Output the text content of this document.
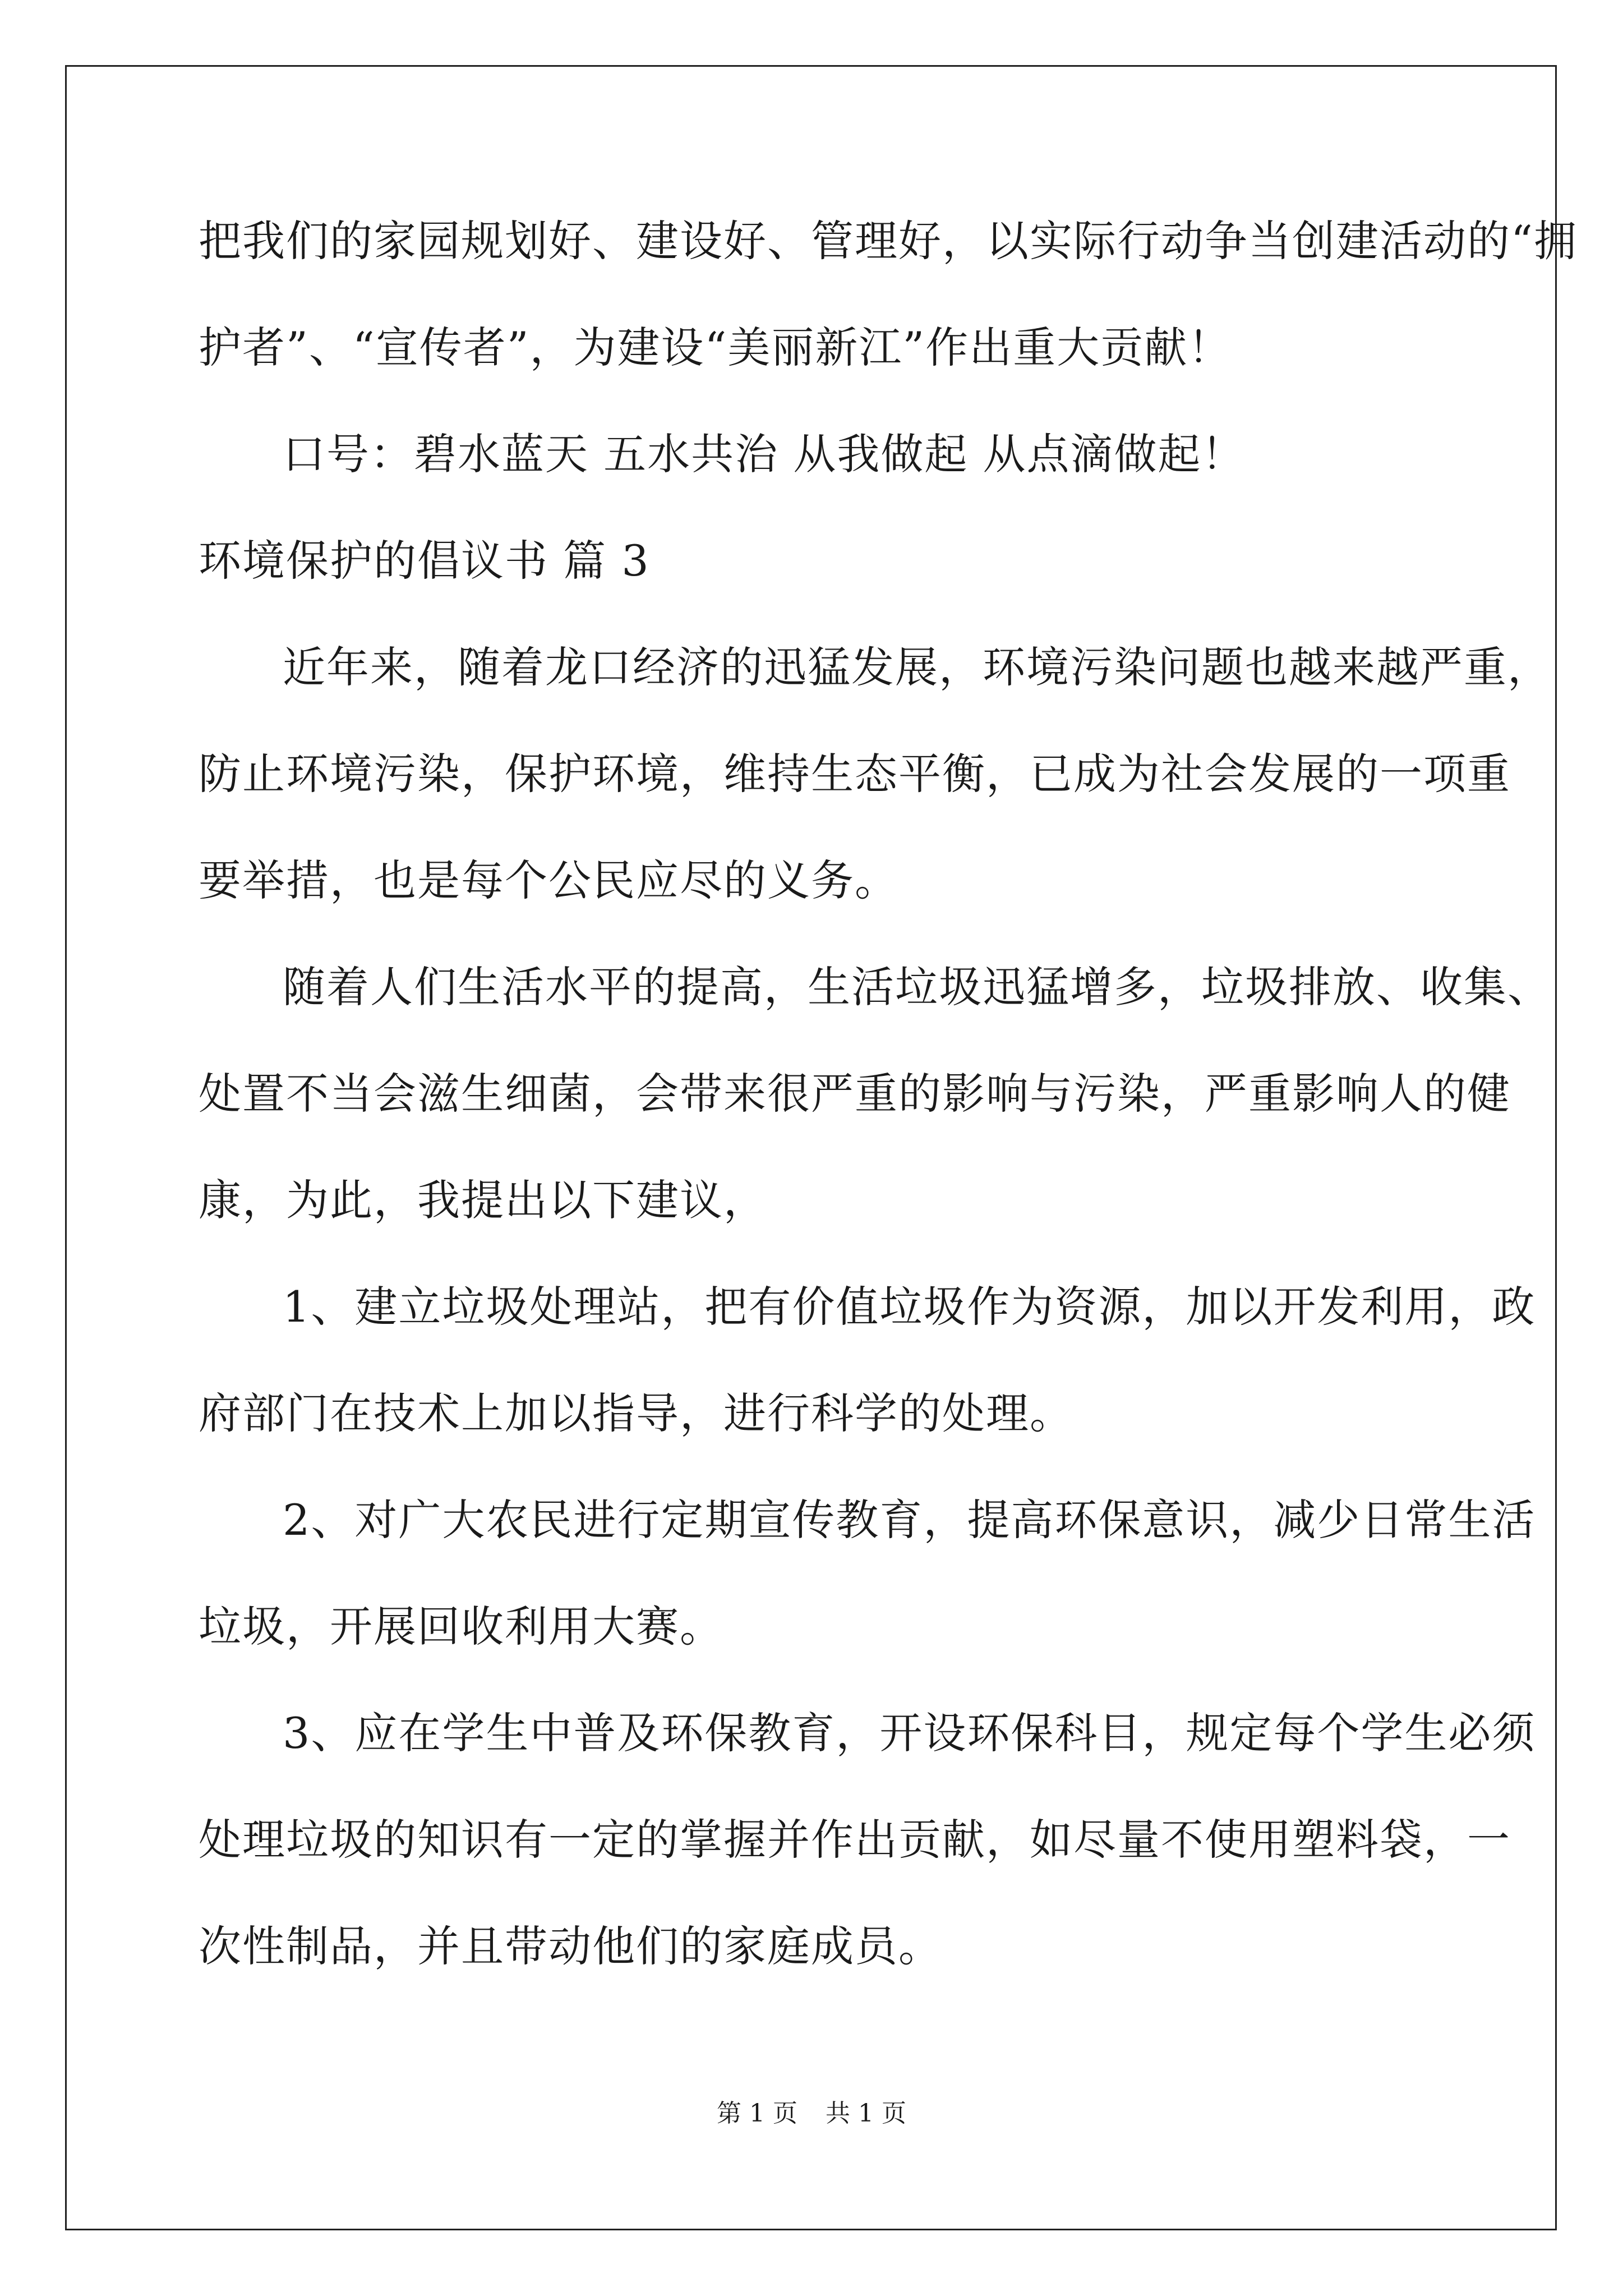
把我们的家园规划好、建设好、管理好，以实际行动争当创建活动的“拥
护者”、“宣传者”，为建设“美丽新江”作出重大贡献！
口号：碧水蓝天 五水共治 从我做起 从点滴做起！
环境保护的倡议书 篇 3
近年来，随着龙口经济的迅猛发展，环境污染问题也越来越严重，
防止环境污染，保护环境，维持生态平衡，已成为社会发展的一项重
要举措，也是每个公民应尽的义务。
随着人们生活水平的提高，生活垃圾迅猛增多，垃圾排放、收集、
处置不当会滋生细菌，会带来很严重的影响与污染，严重影响人的健
康，为此，我提出以下建议，
1、建立垃圾处理站，把有价值垃圾作为资源，加以开发利用，政
府部门在技术上加以指导，进行科学的处理。
2、对广大农民进行定期宣传教育，提高环保意识，减少日常生活
垃圾，开展回收利用大赛。
3、应在学生中普及环保教育，开设环保科目，规定每个学生必须
处理垃圾的知识有一定的掌握并作出贡献，如尽量不使用塑料袋，一
次性制品，并且带动他们的家庭成员。
第 1 页 共 1 页
